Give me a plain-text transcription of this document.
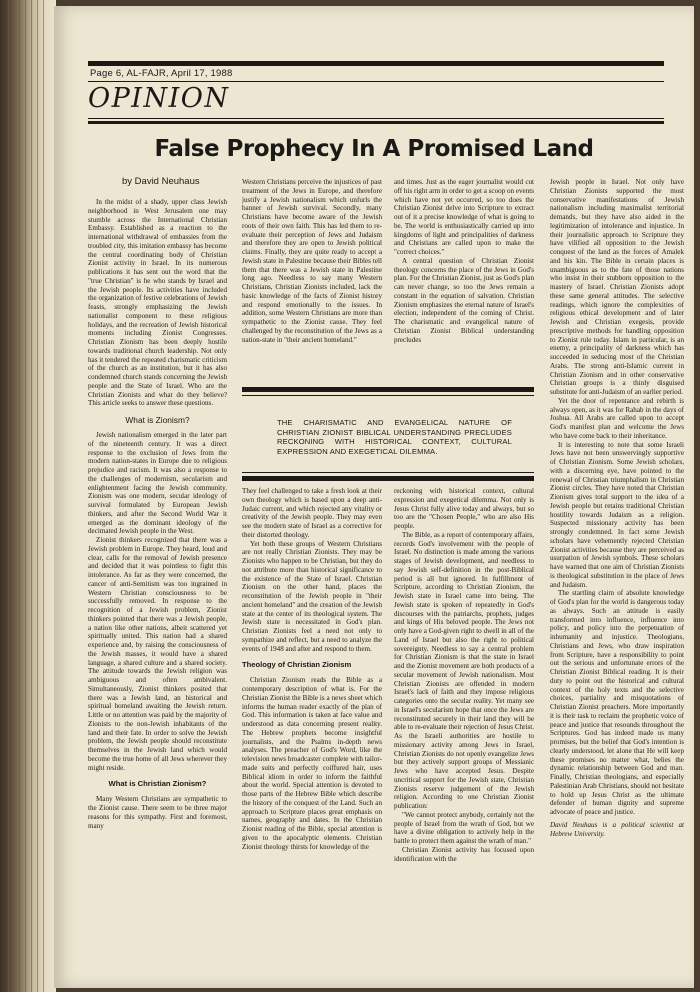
Page 6, AL-FAJR, April 17, 1988
OPINION
False Prophecy In A Promised Land
by David Neuhaus

In the midst of a shady, upper class Jewish neighborhood in West Jerusalem one may stumble across the International Christian Embassy. Established as a reaction to the international withdrawal of embassies from the troubled city, this imitation embassy has become the central coordinating body of Christian Zionist activity in Israel. In its numerous publications it has sent out the word that the "true Christian" is he who stands by Israel and the Jewish people. Its activities have included the organization of festive celebrations of Jewish feasts, strongly emphasizing the Jewish nationalist component to these religious holidays, and the recreation of Jewish historical moments including Zionist Congresses. Christian Zionism has been deeply hostile towards traditional church leadership. Not only has it tendered the repeated charismatic criticism of the church as an institution, but it has also condemned church stands concerning the Jewish people and the State of Israel. Who are the Christian Zionists and what do they believe? This article seeks to answer these questions.

What is Zionism?

Jewish nationalism emerged in the later part of the nineteenth century. It was a direct response to the exclusion of Jews from the modern nation-states in Europe due to religious prejudice and racism. It was also a response to the challenges of modernism, secularism and enlightenment facing the Jewish community. Zionism was one modern, secular ideology of survival formulated by European Jewish thinkers, and after the Second World War it emerged as the dominant ideology of the decimated Jewish people in the West.

Zionist thinkers recognized that there was a Jewish problem in Europe. They heard, loud and clear, calls for the removal of Jewish presence and decided that it was pointless to fight this intolerance. As far as they were concerned, the cancer of anti-Semitism was too ingrained in Western Christian consciousness to be successfully removed. In response to the recognition of a Jewish problem, Zionist thinkers pointed that there was a Jewish people, a nation like other nations, albeit scattered yet spiritually united. This nation had a shared experience and, by raising the consciousness of the Jewish masses, it would have a shared language, a shared culture and a shared society. The attitude towards the Jewish religion was ambiguous and often ambivalent. Simultaneously, Zionist thinkers posited that there was a Jewish land, an historical and spiritual homeland awaiting the Jewish return. Little or no attention was paid by the majority of Zionists to the non-Jewish inhabitants of the land and their fate. In order to solve the Jewish problem, the Jewish people should reconstitute themselves in the Jewish land which would become the true home of all Jews wherever they might reside.

What is Christian Zionism?

Many Western Christians are sympathetic to the Zionist cause. There seem to be three major reasons for this sympathy. First and foremost, many

Western Christians perceive the injustices of past treatment of the Jews in Europe, and therefore justify a Jewish nationalism which unfurls the banner of Jewish survival. Secondly, many Christians have become aware of the Jewish roots of their own faith. This has led them to re-evaluate their perception of Jews and Judaism and therefore they are open to Jewish political claims. Finally, they are quite ready to accept a Jewish state in Palestine because their Bibles tell them that there was a Jewish state in Palestine long ago. Needless to say many Western Christians, Christian Zionists included, lack the basic knowledge of the facts of Zionist history and respond emotionally to the issues. In addition, some Western Christians are more than sympathetic to the Zionist cause. They feel challenged by the reconstitution of the Jews as a nation-state in "their ancient homeland."

and times. Just as the eager journalist would cut off his right arm in order to get a scoop on events which have not yet occurred, so too does the Christian Zionist delve into Scripture to extract out of it a precise knowledge of what is going to be. The world is enthusiastically carried up into kingdoms of light and principalities of darkness and Christians are called upon to make the "correct choices."

A central question of Christian Zionist theology concerns the place of the Jews in God's plan. For the Christian Zionist, just as God's plan can never change, so too the Jews remain a constant in the equation of salvation. Christian Zionism emphasizes the eternal nature of Israel's election, independent of the coming of Christ. The charismatic and evangelical nature of Christian Zionist Biblical understanding precludes

THE CHARISMATIC AND EVANGELICAL NATURE OF CHRISTIAN ZIONIST BIBLICAL UNDERSTANDING PRECLUDES RECKONING WITH HISTORICAL CONTEXT, CULTURAL EXPRESSION AND EXEGETICAL DILEMMA.

They feel challenged to take a fresh look at their own theology which is based upon a deep anti-Judaic current, and which rejected any vitality or creativity of the Jewish people. They may even see the modern state of Israel as a corrective for their distorted theology.

Yet both these groups of Western Christians are not really Christian Zionists. They may be Zionists who happen to be Christian, but they do not attribute more than historical significance to the existence of the State of Israel. Christian Zionism on the other hand, places the reconstitution of the Jewish people in "their ancient homeland" and the creation of the Jewish state at the center of its theological system. The Jewish state is necessitated in God's plan. Christian Zionists feel a need not only to sympathize and reflect, but a need to analyze the events of 1948 and after and respond to them.

Theology of Christian Zionism

Christian Zionism reads the Bible as a contemporary description of what is. For the Christian Zionist the Bible is a news sheet which informs the human reader exactly of the plan of God. This information is taken at face value and understood as data concerning present reality. The Hebrew prophets become insightful journalists, and the Psalms in-depth news analyses. The preacher of God's Word, like the television news broadcaster complete with tailor-made suits and perfectly coiffured hair, uses Biblical idiom in order to inform the faithful about the world. Special attention is devoted to those parts of the Hebrew Bible which describe the history of the conquest of the Land. Such an approach to Scripture places great emphasis on names, geography and dates. In the Christian Zionist reading of the Bible, special attention is given to the apocalyptic elements. Christian Zionist theology thirsts for knowledge of the

reckoning with historical context, cultural expression and exegetical dilemma. Not only is Jesus Christ fully alive today and always, but so too are the "Chosen People," who are also His people.

The Bible, as a report of contemporary affairs, records God's involvement with the people of Israel. No distinction is made among the various stages of Jewish development, and needless to say Jewish self-definition in the post-Biblical period is all but ignored. In fulfillment of Scripture, according to Christian Zionism, the Jewish state in Israel came into being. The Jewish state is spoken of repeatedly in God's discourses with the patriarchs, prophets, judges and kings of His beloved people. The Jews not only have a God-given right to dwell in all of the Land of Israel but also the right to political sovereignty. Needless to say a central problem for Christian Zionism is that the state in Israel and the Zionist movement are both products of a secular movement of Jewish nationalism. Most Christian Zionists are offended in modern Israel's lack of faith and they impose religious categories onto the secular reality. Yet many see in Israel's secularism hope that once the Jews are reconstituted securely in their land they will be able to re-evaluate their rejection of Jesus Christ. As the Israeli authorities are hostile to missionary activity among Jews in Israel, Christian Zionists do not openly evangelize Jews but they actively support groups of Messianic Jews who have accepted Jesus. Despite uncritical support for the Jewish state, Christian Zionists reserve judgement of the Jewish religion. According to one Christian Zionist publication:

"We cannot protect anybody, certainly not the people of Israel from the wrath of God, but we have a divine obligation to actively help in the battle to protect them against the wrath of man."

Christian Zionist activity has focused upon identification with the

Jewish people in Israel. Not only have Christian Zionists supported the most conservative manifestations of Jewish nationalism including maximalist territorial demands, but they have also aided in the legitimization of intolerance and injustice. In their journalistic approach to Scripture they have vilified all opposition to the Jewish conquest of the land as the forces of Amalek and his kin. The Bible in certain places is unambiguous as to the fate of those nations who insist in their stubborn opposition to the mastery of Israel. Christian Zionists adopt these same general attitudes. The selective readings, which ignore the complexities of religious ethical development and of later Jewish and Christian exegesis, provide prescriptive methods for handling opposition to Zionist rule today. Islam in particular, is an enemy, a principality of darkness which has succeeded in seducing most of the Christian Arabs. The strong anti-Islamic current in Christian Zionism and in other conservative Christian groups is a thinly disguised substitute for anti-Judaism of an earlier period.

Yet the door of repentance and rebirth is always open, as it was for Rahab in the days of Joshua. All Arabs are called upon to accept God's manifest plan and welcome the Jews who have come back to their inheritance.

It is interesting to note that some Israeli Jews have not been unswervingly supportive of Christian Zionism. Some Jewish scholars, with a discerning eye, have pointed to the renewal of Christian triumphalism in Christian Zionist circles. They have noted that Christian Zionism gives total support to the idea of a Jewish people but retains traditional Christian hostility towards Judaism as a religion. Suspected missionary activity has been strongly condemned. In fact some Jewish scholars have vehemently rejected Christian Zionist activities because they are perceived as usurpation of Jewish symbols. These scholars have warned that one aim of Christian Zionists is theological substitution in the place of Jews and Judaism.

The startling claim of absolute knowledge of God's plan for the world is dangerous today as always. Such an attitude is easily transformed into influence, influence into policy, and policy into the perpetuation of inhumanity and injustice. Theologians, Christians and Jews, who draw inspiration from Scripture, have a responsibility to point out the serious and unfortunate errors of the Christian Zionist Biblical reading. It is their duty to point out the historical and cultural context of the holy texts and the selective choices, partiality and misquotations of Christian Zionist preachers. More importantly it is their task to reclaim the prophetic voice of peace and justice that resounds throughout the Scriptures. God has indeed made us many promises, but the belief that God's intention is clearly understood, let alone that He will keep these promises no matter what, belies the dynamic relationship between God and man. Finally, Christian theologians, and especially Palestinian Arab Christians, should not hesitate to hold up Jesus Christ as the ultimate defender of human dignity and supreme advocate of peace and justice.

David Neuhaus is a political scientist at Hebrew University.
